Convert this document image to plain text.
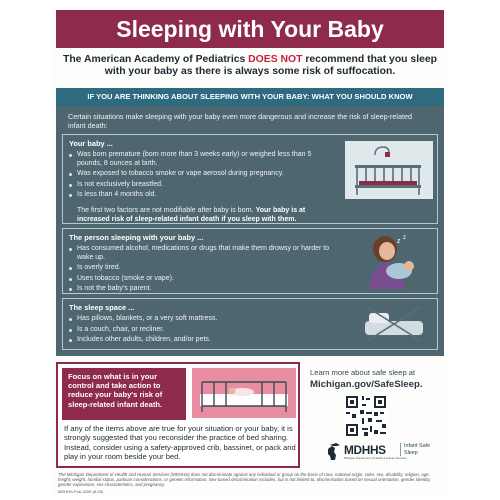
Sleeping with Your Baby
The American Academy of Pediatrics DOES NOT recommend that you sleep with your baby as there is always some risk of suffocation.
IF YOU ARE THINKING ABOUT SLEEPING WITH YOUR BABY: WHAT YOU SHOULD KNOW
Certain situations make sleeping with your baby even more dangerous and increase the risk of sleep-related infant death:
Your baby ...
Was born premature (born more than 3 weeks early) or weighed less than 5 pounds, 8 ounces at birth.
Was exposed to tobacco smoke or vape aerosol during pregnancy.
Is not exclusively breastfed.
Is less than 4 months old.
The first two factors are not modifiable after baby is born. Your baby is at increased risk of sleep-related infant death if you sleep with them.
The person sleeping with your baby ...
Has consumed alcohol, medications or drugs that make them drowsy or harder to wake up.
Is overly tired.
Uses tobacco (smoke or vape).
Is not the baby's parent.
z z
The sleep space ...
Has pillows, blankets, or a very soft mattress.
Is a couch, chair, or recliner.
Includes other adults, children, and/or pets.
Focus on what is in your control and take action to reduce your baby's risk of sleep-related infant death.
If any of the items above are true for your situation or your baby, it is strongly suggested that you reconsider the practice of bed sharing. Instead, consider using a safety-approved crib, bassinet, or pack and play in your room beside your bed.
Learn more about safe sleep at
Michigan.gov/SafeSleep.
MDHHS	Infant Safe
Sleep
Michigan Department of Health & Human Services
The Michigan Department of Health and Human Services (MDHHS) does not discriminate against any individual or group on the basis of race, national origin, color, sex, disability, religion, age, height, weight, familial status, partisan considerations, or genetic information. Sex-based discrimination includes, but is not limited to, discrimination based on sexual orientation, gender identity, gender expression, sex characteristics, and pregnancy.
MDHHS-Pub-2209 (8-25)
